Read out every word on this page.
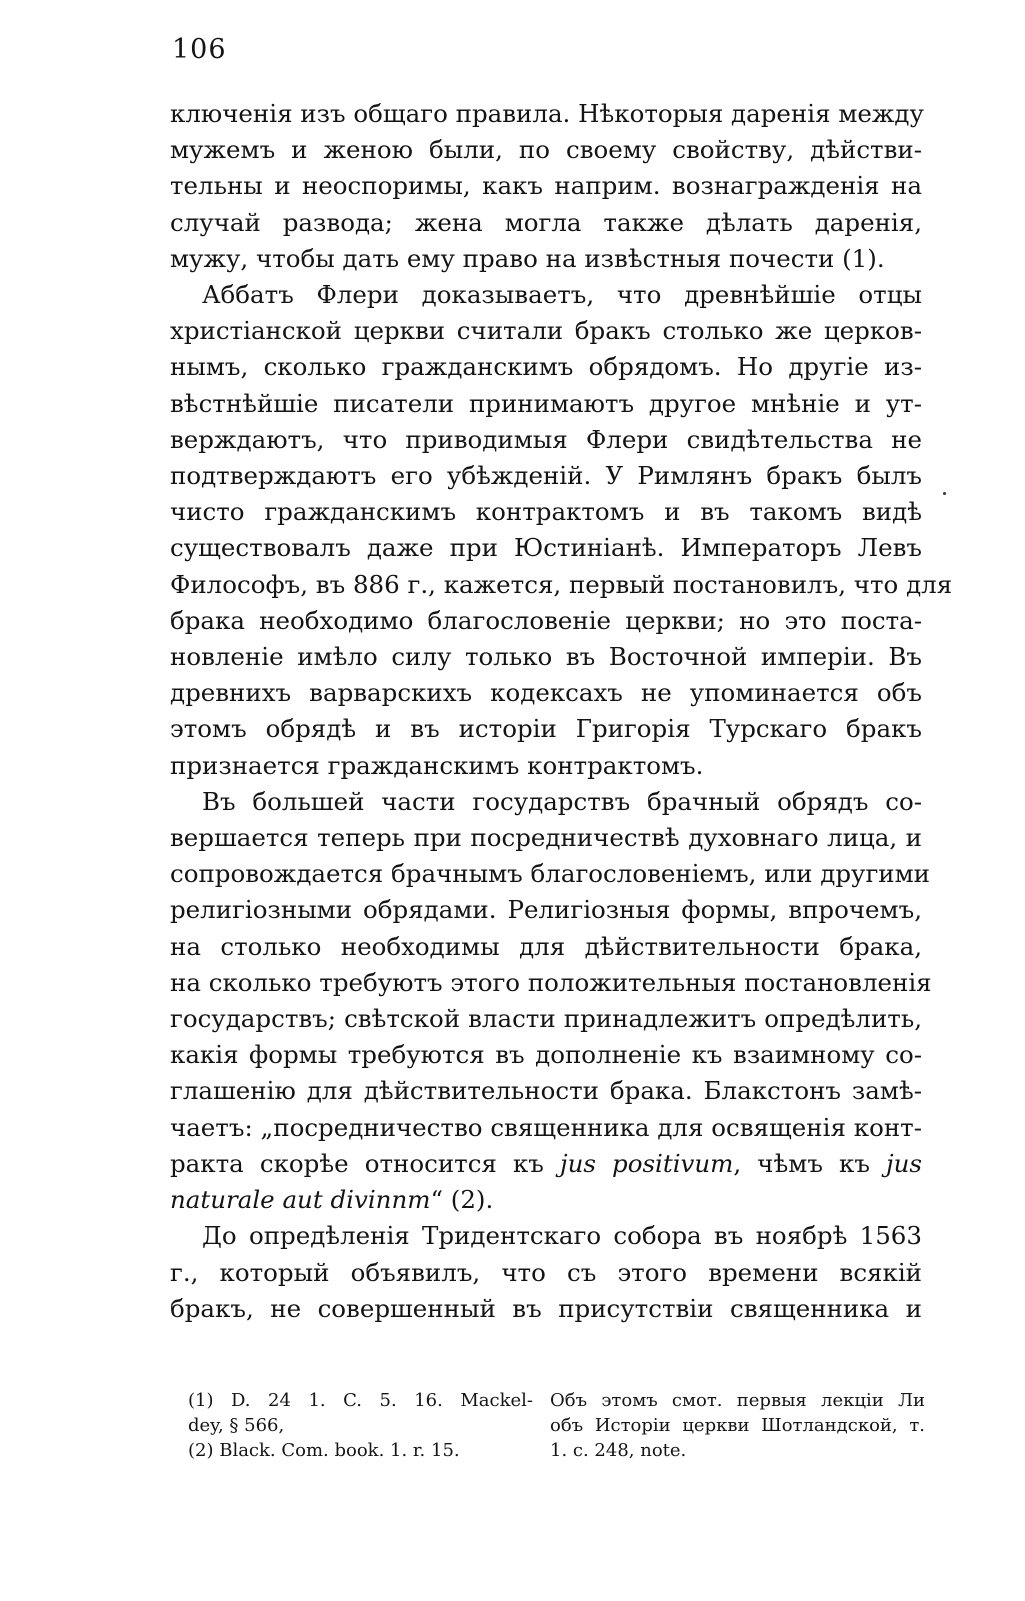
106
ключенія изъ общаго правила. Нѣкоторыя даренія между
мужемъ и женою были, по своему свойству, дѣйстви-
тельны и неоспоримы, какъ наприм. вознагражденія на
случай развода; жена могла также дѣлать даренія,
мужу, чтобы дать ему право на извѣстныя почести (1).
Аббатъ Флери доказываетъ, что древнѣйшіе отцы
христіанской церкви считали бракъ столько же церков-
нымъ, сколько гражданскимъ обрядомъ. Но другіе из-
вѣстнѣйшіе писатели принимаютъ другое мнѣніе и ут-
верждаютъ, что приводимыя Флери свидѣтельства не
подтверждаютъ его убѣжденій. У Римлянъ бракъ былъ
чисто гражданскимъ контрактомъ и въ такомъ видѣ
существовалъ даже при Юстиніанѣ. Императоръ Левъ
Философъ, въ 886 г., кажется, первый постановилъ, что для
брака необходимо благословеніе церкви; но это поста-
новленіе имѣло силу только въ Восточной имперіи. Въ
древнихъ варварскихъ кодексахъ не упоминается объ
этомъ обрядѣ и въ исторіи Григорія Турскаго бракъ
признается гражданскимъ контрактомъ.
Въ большей части государствъ брачный обрядъ со-
вершается теперь при посредничествѣ духовнаго лица, и
сопровождается брачнымъ благословеніемъ, или другими
религіозными обрядами. Религіозныя формы, впрочемъ,
на столько необходимы для дѣйствительности брака,
на сколько требуютъ этого положительныя постановленія
государствъ; свѣтской власти принадлежитъ опредѣлить,
какія формы требуются въ дополненіе къ взаимному со-
глашенію для дѣйствительности брака. Блакстонъ замѣ-
чаетъ: „посредничество священника для освященія конт-
ракта скорѣе относится къ jus positivum, чѣмъ къ jus
naturale aut divinnm“ (2).
До опредѣленія Тридентскаго собора въ ноябрѣ 1563
г., который объявилъ, что съ этого времени всякій
бракъ, не совершенный въ присутствіи священника и
(1) D. 24 1. C. 5. 16. Mackel-
dey, § 566,
(2) Black. Com. book. 1. r. 15.
Объ этомъ смот. первыя лекціи Ли
объ Исторіи церкви Шотландской, т.
1. c. 248, note.
